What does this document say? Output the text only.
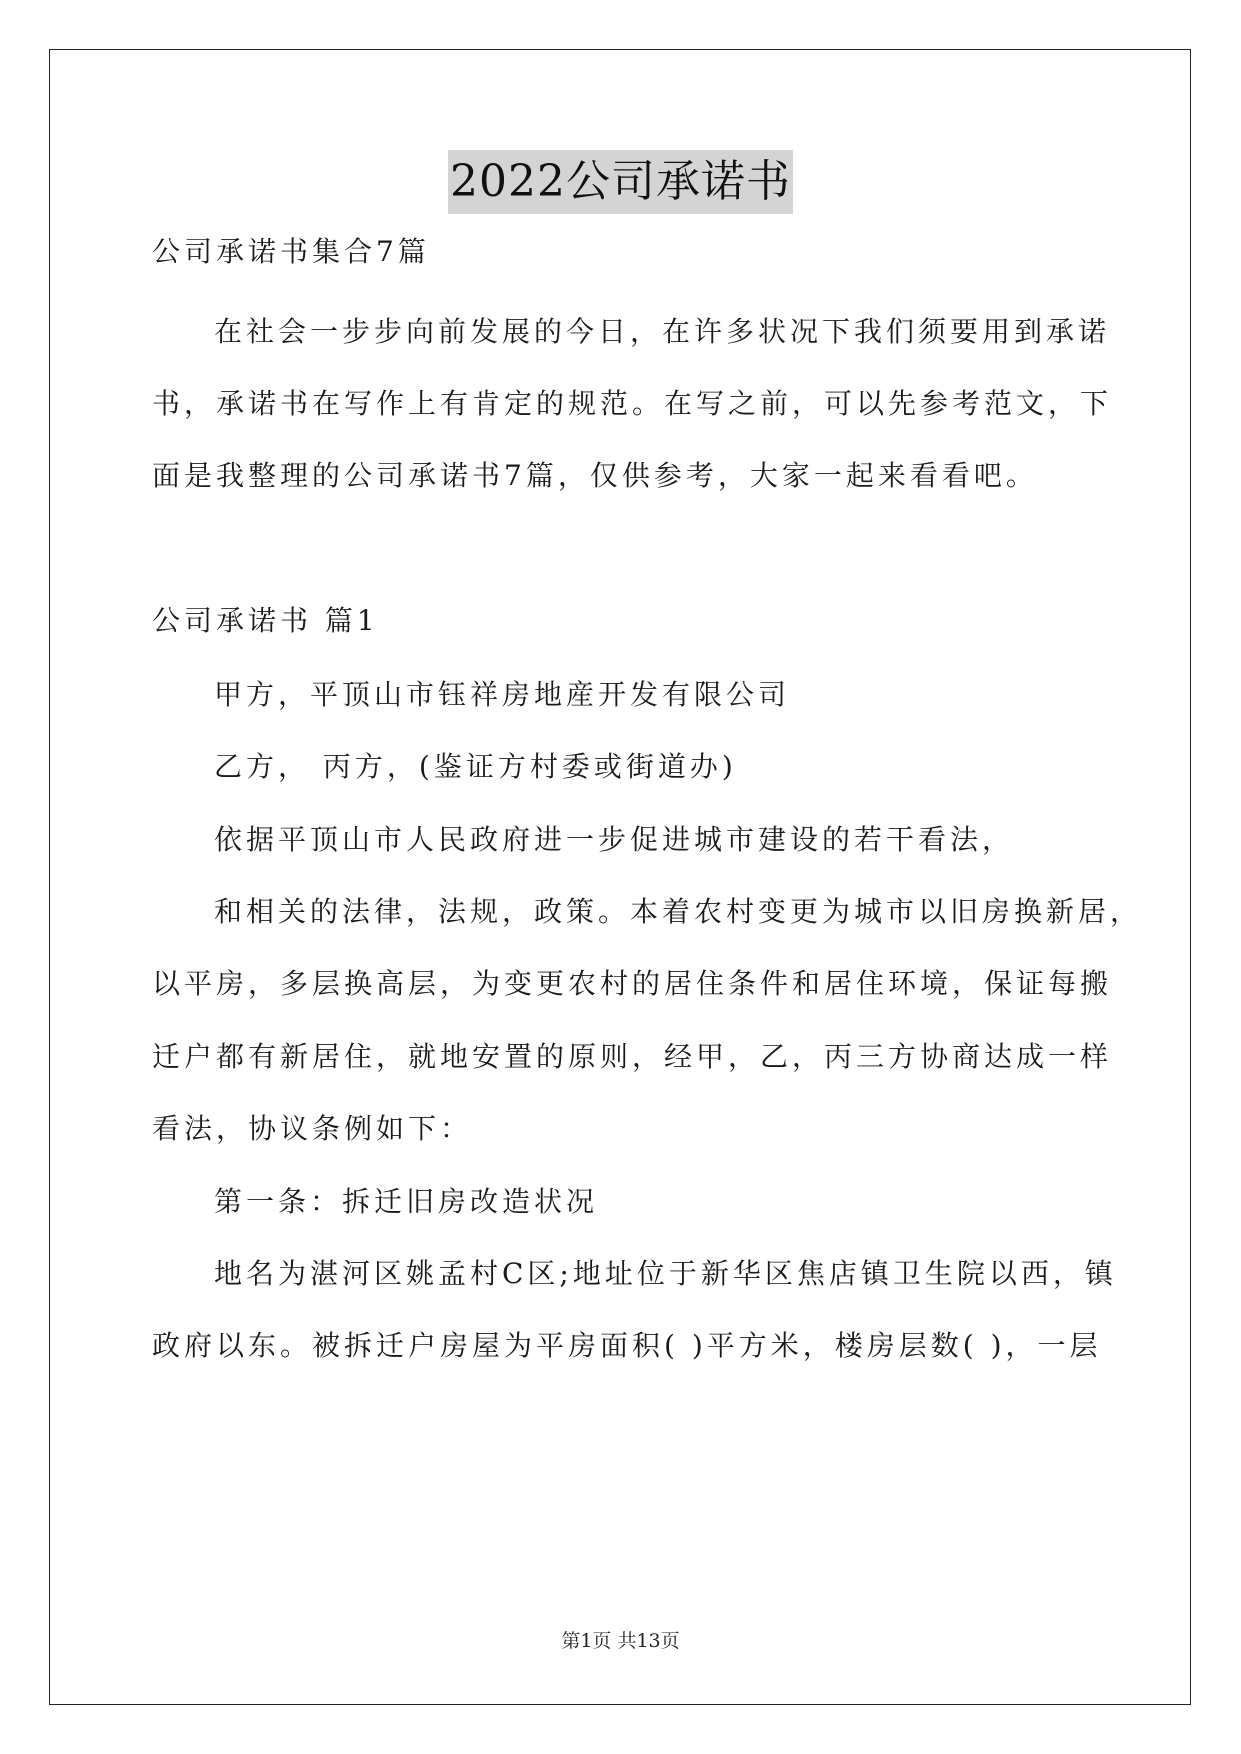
2022公司承诺书
公司承诺书集合7篇
在社会一步步向前发展的今日，在许多状况下我们须要用到承诺
书，承诺书在写作上有肯定的规范。在写之前，可以先参考范文，下
面是我整理的公司承诺书7篇，仅供参考，大家一起来看看吧。
公司承诺书 篇1
甲方，平顶山市钰祥房地産开发有限公司
乙方， 丙方，(鉴证方村委或街道办)
依据平顶山市人民政府进一步促进城市建设的若干看法，
和相关的法律，法规，政策。本着农村变更为城市以旧房换新居，
以平房，多层换高层，为变更农村的居住条件和居住环境，保证每搬
迁户都有新居住，就地安置的原则，经甲，乙，丙三方协商达成一样
看法，协议条例如下：
第一条：拆迁旧房改造状况
地名为湛河区姚孟村C区;地址位于新华区焦店镇卫生院以西，镇
政府以东。被拆迁户房屋为平房面积( )平方米，楼房层数( )，一层
第1页 共13页
